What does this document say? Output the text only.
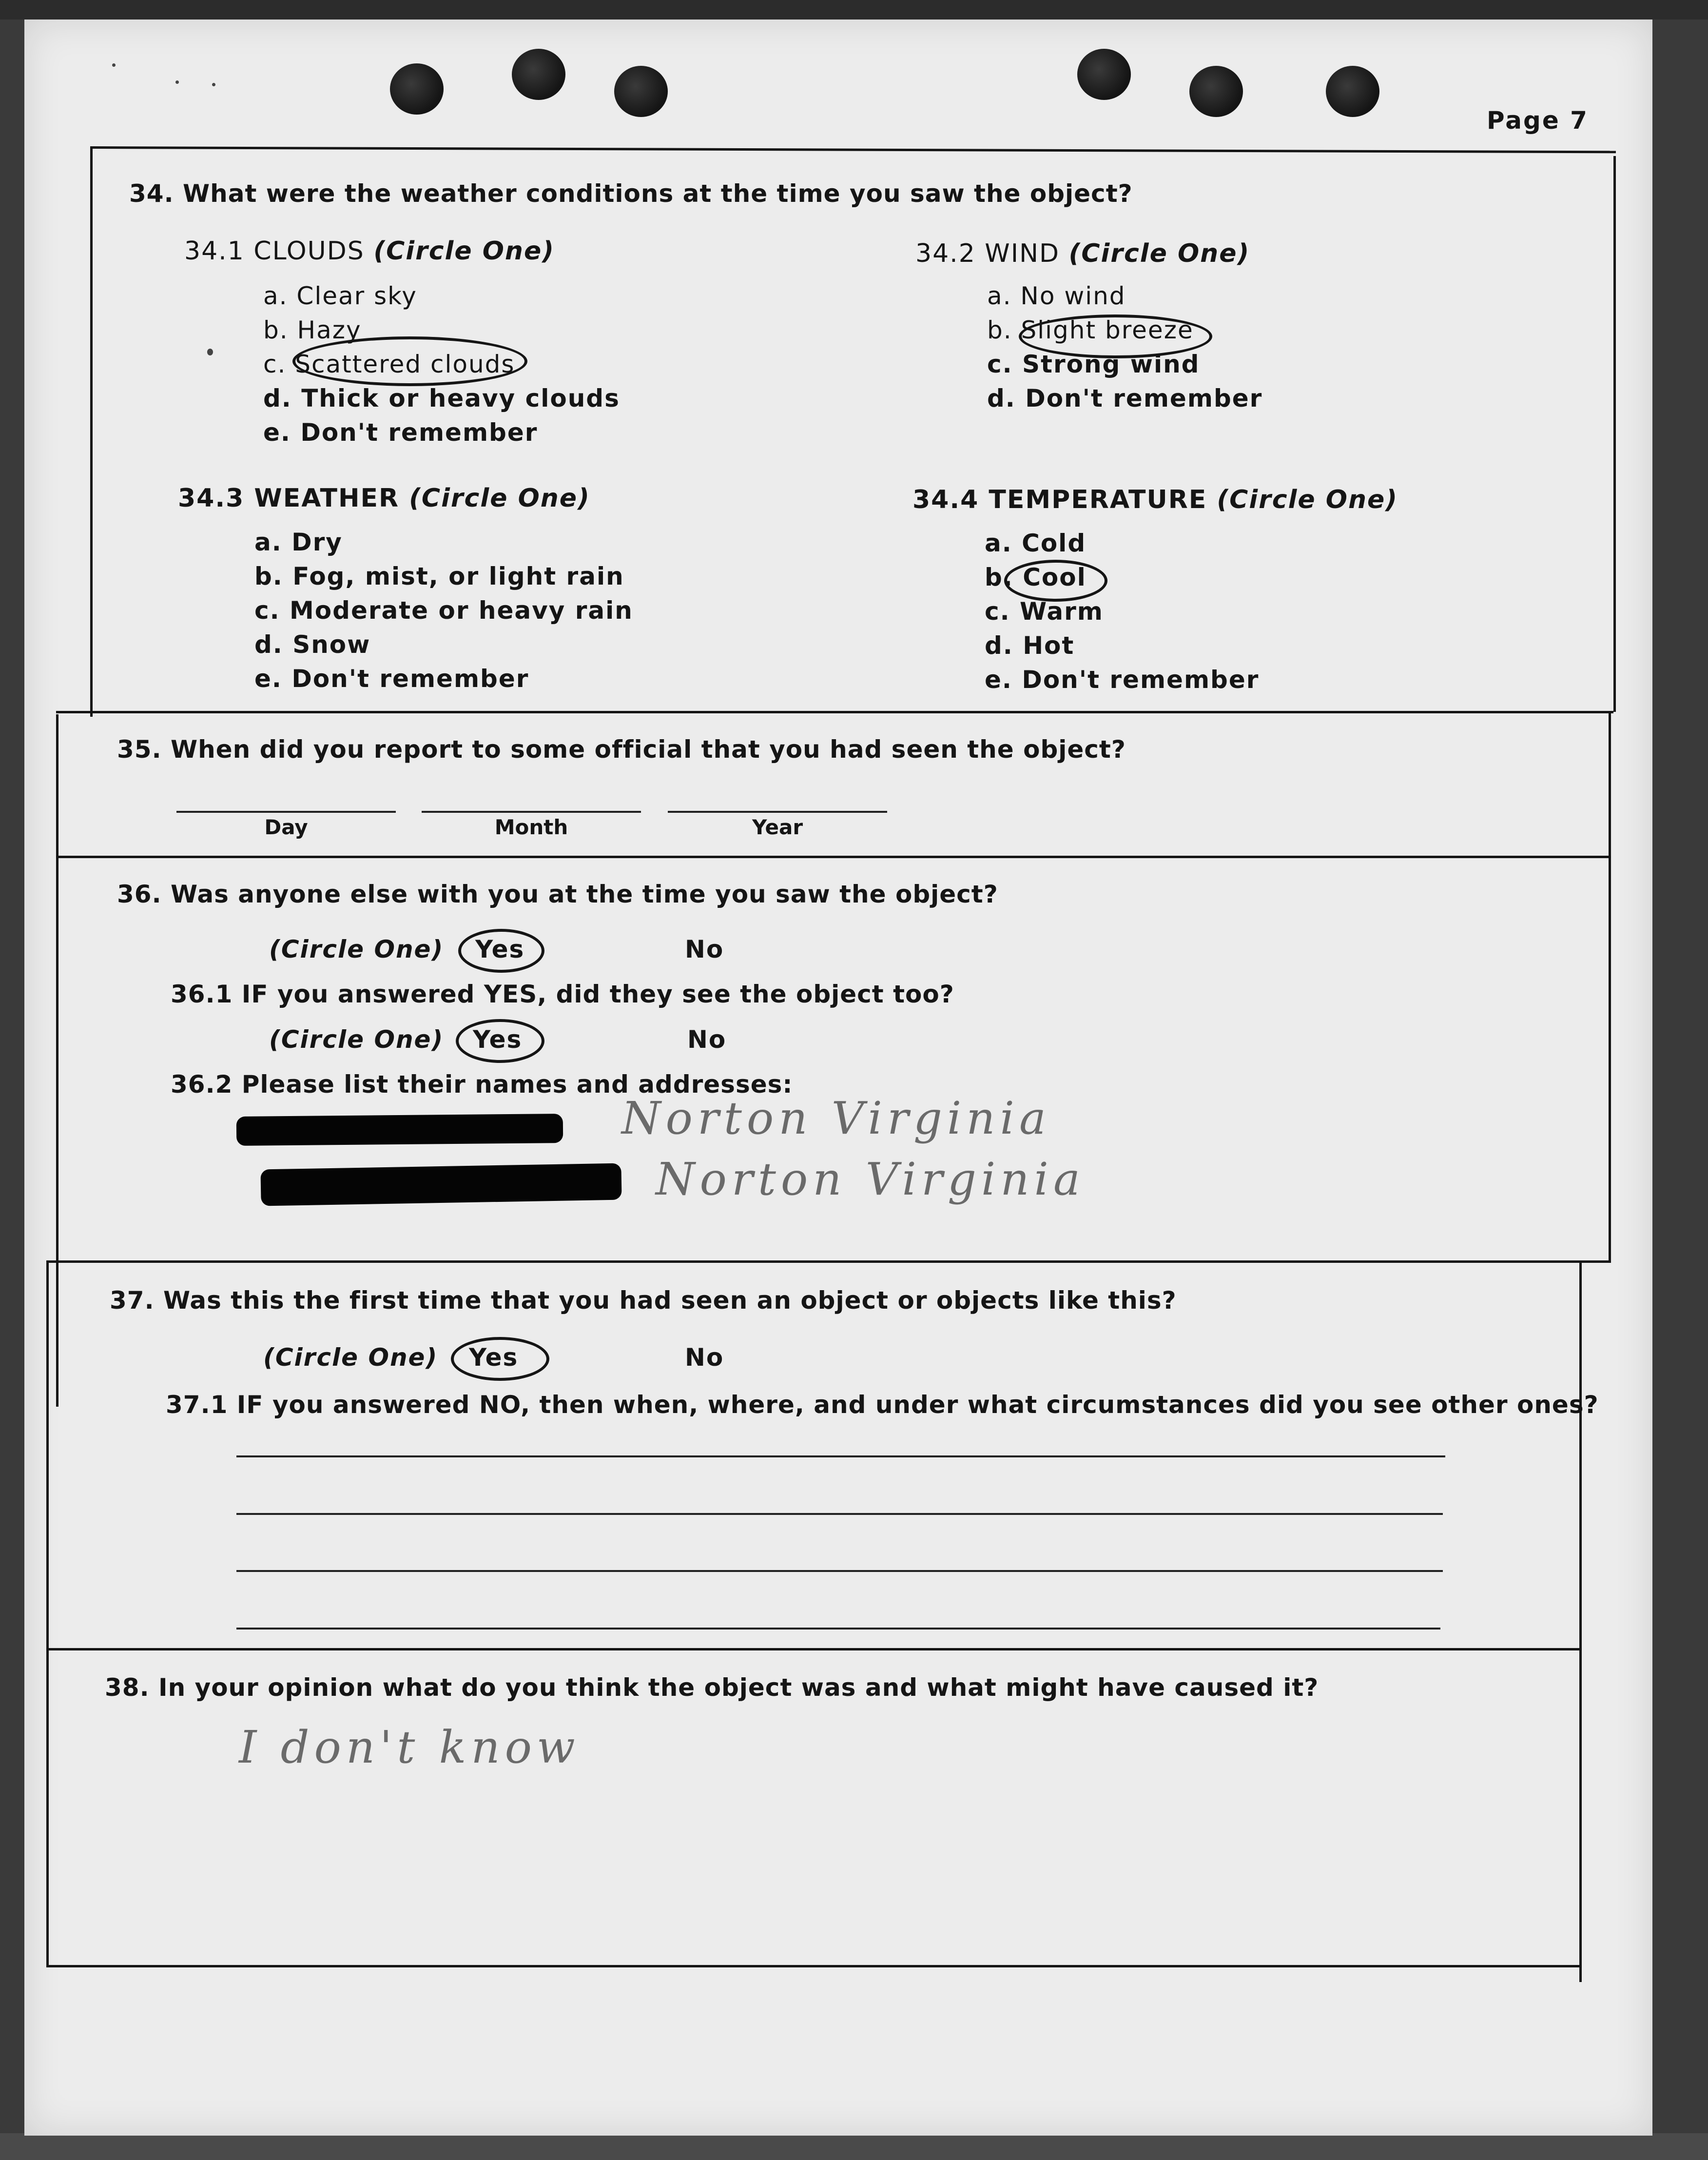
Page 7
34. What were the weather conditions at the time you saw the object?
34.1 CLOUDS (Circle One)
a. Clear sky
b. Hazy
c. Scattered clouds
d. Thick or heavy clouds
e. Don't remember
34.2 WIND (Circle One)
a. No wind
b. Slight breeze
c. Strong wind
d. Don't remember
34.3 WEATHER (Circle One)
a. Dry
b. Fog, mist, or light rain
c. Moderate or heavy rain
d. Snow
e. Don't remember
34.4 TEMPERATURE (Circle One)
a. Cold
b. Cool
c. Warm
d. Hot
e. Don't remember
35. When did you report to some official that you had seen the object?
Day	Month	Year
36. Was anyone else with you at the time you saw the object?
(Circle One) Yes	No
36.1 IF you answered YES, did they see the object too?
(Circle One) Yes	No
36.2 Please list their names and addresses:
Norton Virginia
Norton Virginia
37. Was this the first time that you had seen an object or objects like this?
(Circle One) Yes	No
37.1 IF you answered NO, then when, where, and under what circumstances did you see other ones?
38. In your opinion what do you think the object was and what might have caused it?
I don't know
